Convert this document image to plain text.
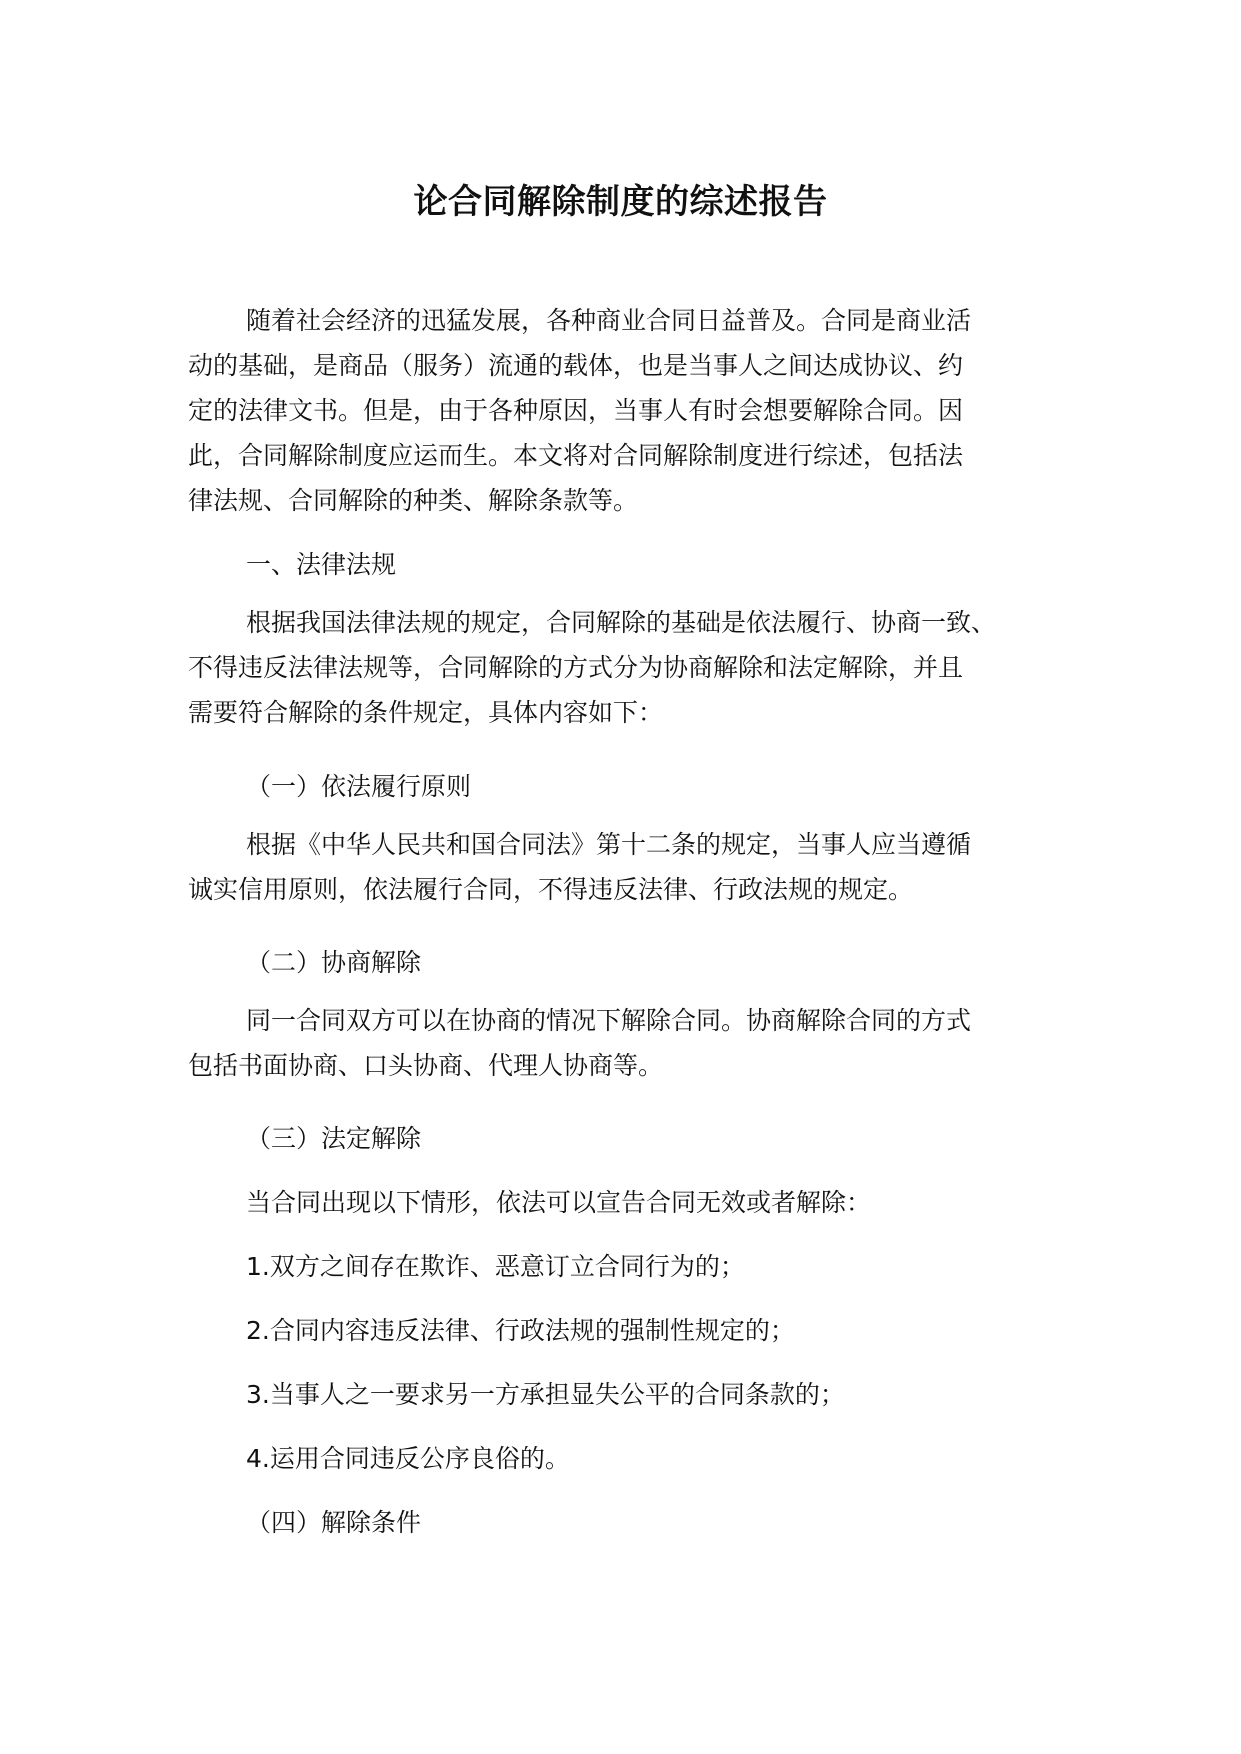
论合同解除制度的综述报告

随着社会经济的迅猛发展，各种商业合同日益普及。合同是商业活
动的基础，是商品（服务）流通的载体，也是当事人之间达成协议、约
定的法律文书。但是，由于各种原因，当事人有时会想要解除合同。因
此，合同解除制度应运而生。本文将对合同解除制度进行综述，包括法
律法规、合同解除的种类、解除条款等。

一、法律法规

根据我国法律法规的规定，合同解除的基础是依法履行、协商一致、
不得违反法律法规等，合同解除的方式分为协商解除和法定解除，并且
需要符合解除的条件规定，具体内容如下：

（一）依法履行原则

根据《中华人民共和国合同法》第十二条的规定，当事人应当遵循
诚实信用原则，依法履行合同，不得违反法律、行政法规的规定。

（二）协商解除

同一合同双方可以在协商的情况下解除合同。协商解除合同的方式
包括书面协商、口头协商、代理人协商等。

（三）法定解除
当合同出现以下情形，依法可以宣告合同无效或者解除：
1.双方之间存在欺诈、恶意订立合同行为的；
2.合同内容违反法律、行政法规的强制性规定的；
3.当事人之一要求另一方承担显失公平的合同条款的；
4.运用合同违反公序良俗的。
（四）解除条件
